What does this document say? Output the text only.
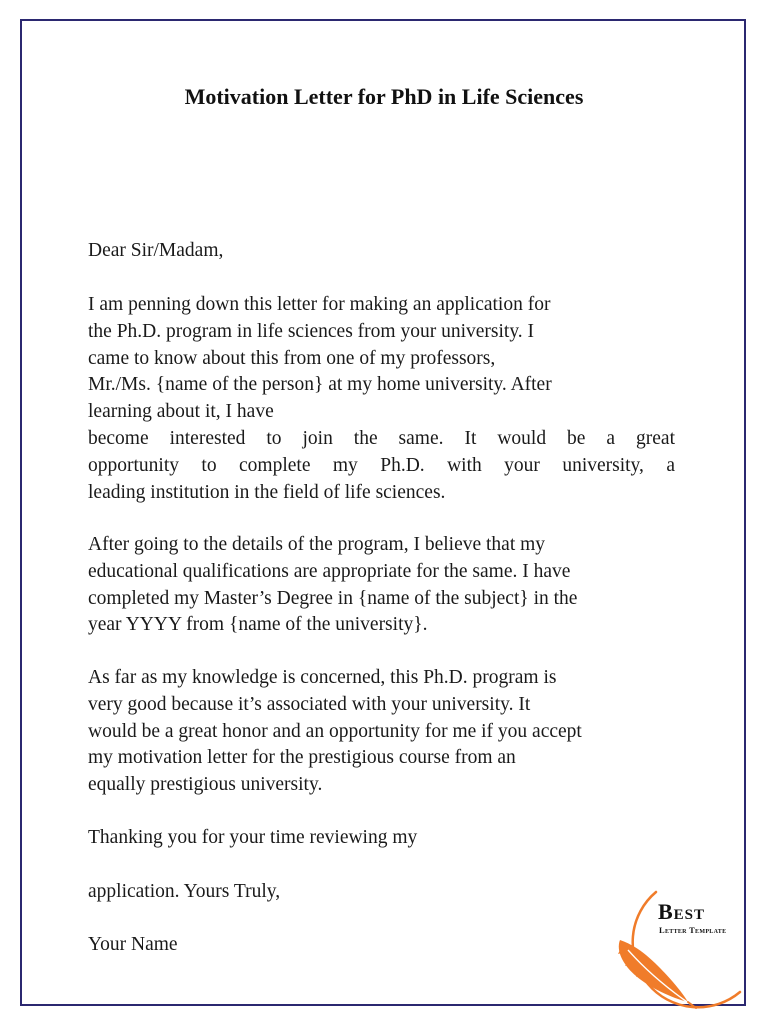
Motivation Letter for PhD in Life Sciences
Dear Sir/Madam,
I am penning down this letter for making an application for
the Ph.D. program in life sciences from your university. I
came to know about this from one of my professors,
Mr./Ms. {name of the person} at my home university. After
learning about it, I have
become interested to join the same. It would be a great
opportunity to complete my Ph.D. with your university, a
leading institution in the field of life sciences.
After going to the details of the program, I believe that my
educational qualifications are appropriate for the same. I have
completed my Master’s Degree in {name of the subject} in the
year YYYY from {name of the university}.
As far as my knowledge is concerned, this Ph.D. program is
very good because it’s associated with your university. It
would be a great honor and an opportunity for me if you accept
my motivation letter for the prestigious course from an
equally prestigious university.
Thanking you for your time reviewing my
application. Yours Truly,
Your Name
Best
Letter Template
